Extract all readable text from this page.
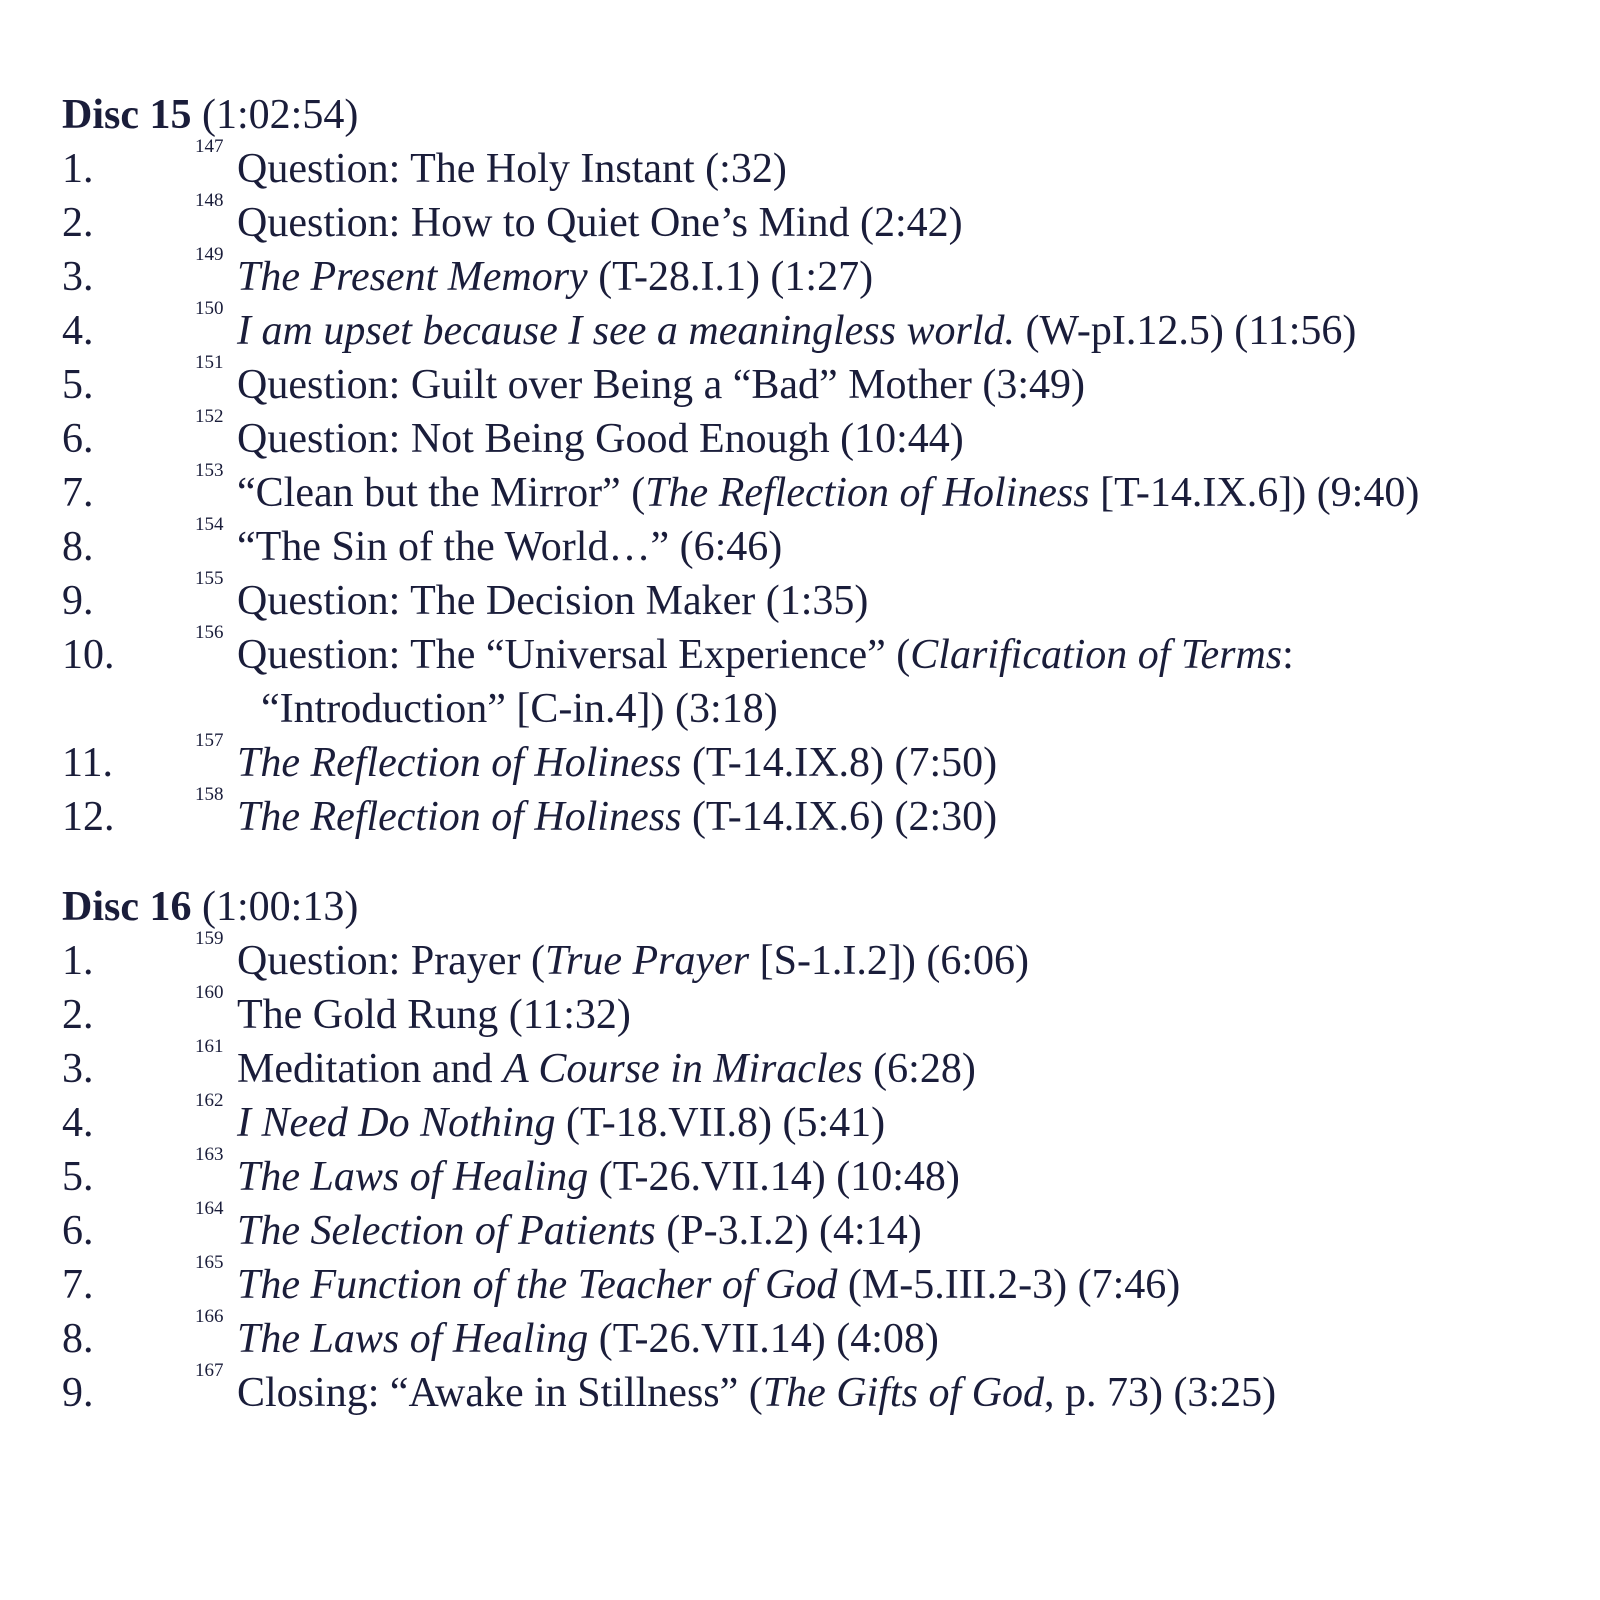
Disc 15 (1:02:54)
1.	147 Question: The Holy Instant (:32)
2.	148 Question: How to Quiet One’s Mind (2:42)
3.	149 The Present Memory (T-28.I.1) (1:27)
4.	150 I am upset because I see a meaningless world. (W-pI.12.5) (11:56)
5.	151 Question: Guilt over Being a “Bad” Mother (3:49)
6.	152 Question: Not Being Good Enough (10:44)
7.	153 “Clean but the Mirror” (The Reflection of Holiness [T-14.IX.6]) (9:40)
8.	154 “The Sin of the World…” (6:46)
9.	155 Question: The Decision Maker (1:35)
10.	156 Question: The “Universal Experience” (Clarification of Terms:
“Introduction” [C-in.4]) (3:18)
11.	157 The Reflection of Holiness (T-14.IX.8) (7:50)
12.	158 The Reflection of Holiness (T-14.IX.6) (2:30)
Disc 16 (1:00:13)
1.	159 Question: Prayer (True Prayer [S-1.I.2]) (6:06)
2.	160 The Gold Rung (11:32)
3.	161 Meditation and A Course in Miracles (6:28)
4.	162 I Need Do Nothing (T-18.VII.8) (5:41)
5.	163 The Laws of Healing (T-26.VII.14) (10:48)
6.	164 The Selection of Patients (P-3.I.2) (4:14)
7.	165 The Function of the Teacher of God (M-5.III.2-3) (7:46)
8.	166 The Laws of Healing (T-26.VII.14) (4:08)
9.	167 Closing: “Awake in Stillness” (The Gifts of God, p. 73) (3:25)
